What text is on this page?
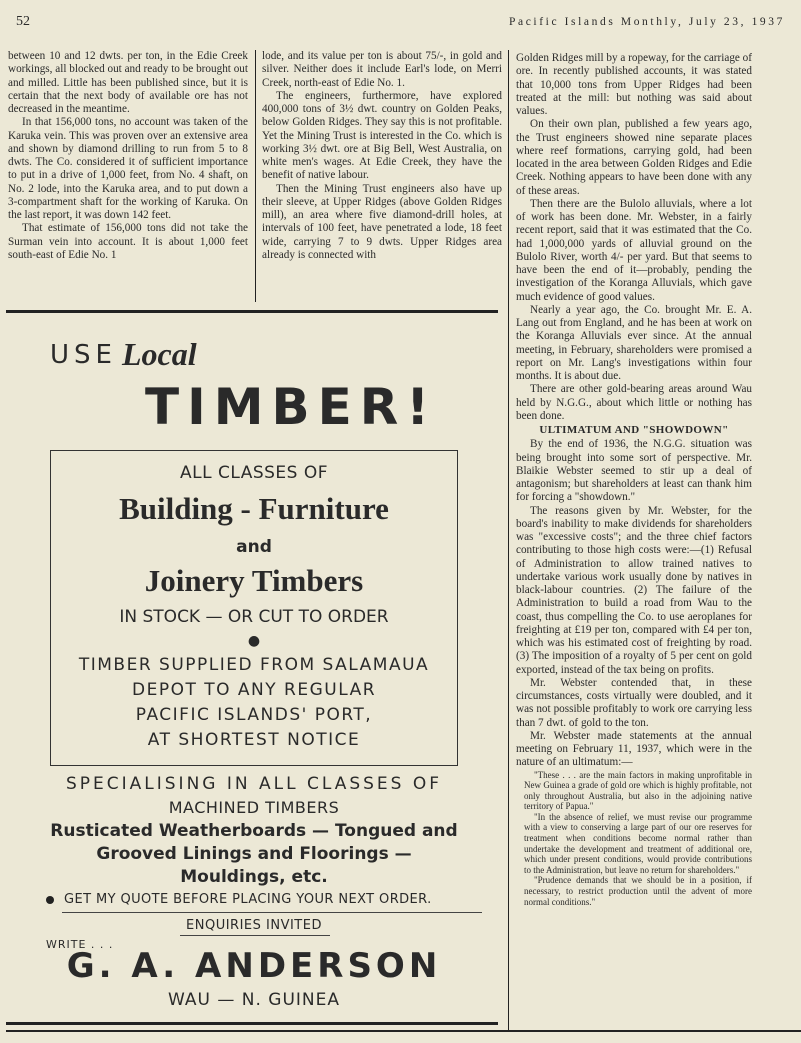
52	Pacific Islands Monthly, July 23, 1937

between 10 and 12 dwts. per ton, in the Edie Creek workings, all blocked out and ready to be brought out and milled. Little has been published since, but it is certain that the next body of available ore has not decreased in the meantime.

In that 156,000 tons, no account was taken of the Karuka vein. This was proven over an extensive area and shown by diamond drilling to run from 5 to 8 dwts. The Co. considered it of sufficient importance to put in a drive of 1,000 feet, from No. 4 shaft, on No. 2 lode, into the Karuka area, and to put down a 3-compartment shaft for the working of Karuka. On the last report, it was down 142 feet.

That estimate of 156,000 tons did not take the Surman vein into account. It is about 1,000 feet south-east of Edie No. 1

lode, and its value per ton is about 75/-, in gold and silver. Neither does it include Earl's lode, on Merri Creek, north-east of Edie No. 1.

The engineers, furthermore, have explored 400,000 tons of 3½ dwt. country on Golden Peaks, below Golden Ridges. They say this is not profitable. Yet the Mining Trust is interested in the Co. which is working 3½ dwt. ore at Big Bell, West Australia, on white men's wages. At Edie Creek, they have the benefit of native labour.

Then the Mining Trust engineers also have up their sleeve, at Upper Ridges (above Golden Ridges mill), an area where five diamond-drill holes, at intervals of 100 feet, have penetrated a lode, 18 feet wide, carrying 7 to 9 dwts. Upper Ridges area already is connected with

Golden Ridges mill by a ropeway, for the carriage of ore. In recently published accounts, it was stated that 10,000 tons from Upper Ridges had been treated at the mill: but nothing was said about values.

On their own plan, published a few years ago, the Trust engineers showed nine separate places where reef formations, carrying gold, had been located in the area between Golden Ridges and Edie Creek. Nothing appears to have been done with any of these areas.

Then there are the Bulolo alluvials, where a lot of work has been done. Mr. Webster, in a fairly recent report, said that it was estimated that the Co. had 1,000,000 yards of alluvial ground on the Bulolo River, worth 4/- per yard. But that seems to have been the end of it—probably, pending the investigation of the Koranga Alluvials, which gave much evidence of good values.

Nearly a year ago, the Co. brought Mr. E. A. Lang out from England, and he has been at work on the Koranga Alluvials ever since. At the annual meeting, in February, shareholders were promised a report on Mr. Lang's investigations within four months. It is about due.

There are other gold-bearing areas around Wau held by N.G.G., about which little or nothing has been done.

ULTIMATUM AND "SHOWDOWN"

By the end of 1936, the N.G.G. situation was being brought into some sort of perspective. Mr. Blaikie Webster seemed to stir up a deal of antagonism; but shareholders at least can thank him for forcing a "showdown."

The reasons given by Mr. Webster, for the board's inability to make dividends for shareholders was "excessive costs"; and the three chief factors contributing to those high costs were:—(1) Refusal of Administration to allow trained natives to undertake various work usually done by natives in black-labour countries. (2) The failure of the Administration to build a road from Wau to the coast, thus compelling the Co. to use aeroplanes for freighting at £19 per ton, compared with £4 per ton, which was his estimated cost of freighting by road. (3) The imposition of a royalty of 5 per cent on gold exported, instead of the tax being on profits.

Mr. Webster contended that, in these circumstances, costs virtually were doubled, and it was not possible profitably to work ore carrying less than 7 dwt. of gold to the ton.

Mr. Webster made statements at the annual meeting on February 11, 1937, which were in the nature of an ultimatum:—

"These . . . are the main factors in making unprofitable in New Guinea a grade of gold ore which is highly profitable, not only throughout Australia, but also in the adjoining native territory of Papua."

"In the absence of relief, we must revise our programme with a view to conserving a large part of our ore reserves for treatment when conditions become normal rather than undertake the development and treatment of additional ore, which under present conditions, would provide contributions to the Administration, but leave no return for shareholders."

"Prudence demands that we should be in a position, if necessary, to restrict production until the advent of more normal conditions."

USE Local
TIMBER!
ALL CLASSES OF
Building - Furniture
and
Joinery Timbers
IN STOCK — OR CUT TO ORDER
●
TIMBER SUPPLIED FROM SALAMAUA
DEPOT TO ANY REGULAR
PACIFIC ISLANDS' PORT,
AT SHORTEST NOTICE
SPECIALISING IN ALL CLASSES OF
MACHINED TIMBERS
Rusticated Weatherboards — Tongued and
Grooved Linings and Floorings —
Mouldings, etc.
GET MY QUOTE BEFORE PLACING YOUR NEXT ORDER.
ENQUIRIES INVITED
WRITE . . .
G. A. ANDERSON
WAU — N. GUINEA
